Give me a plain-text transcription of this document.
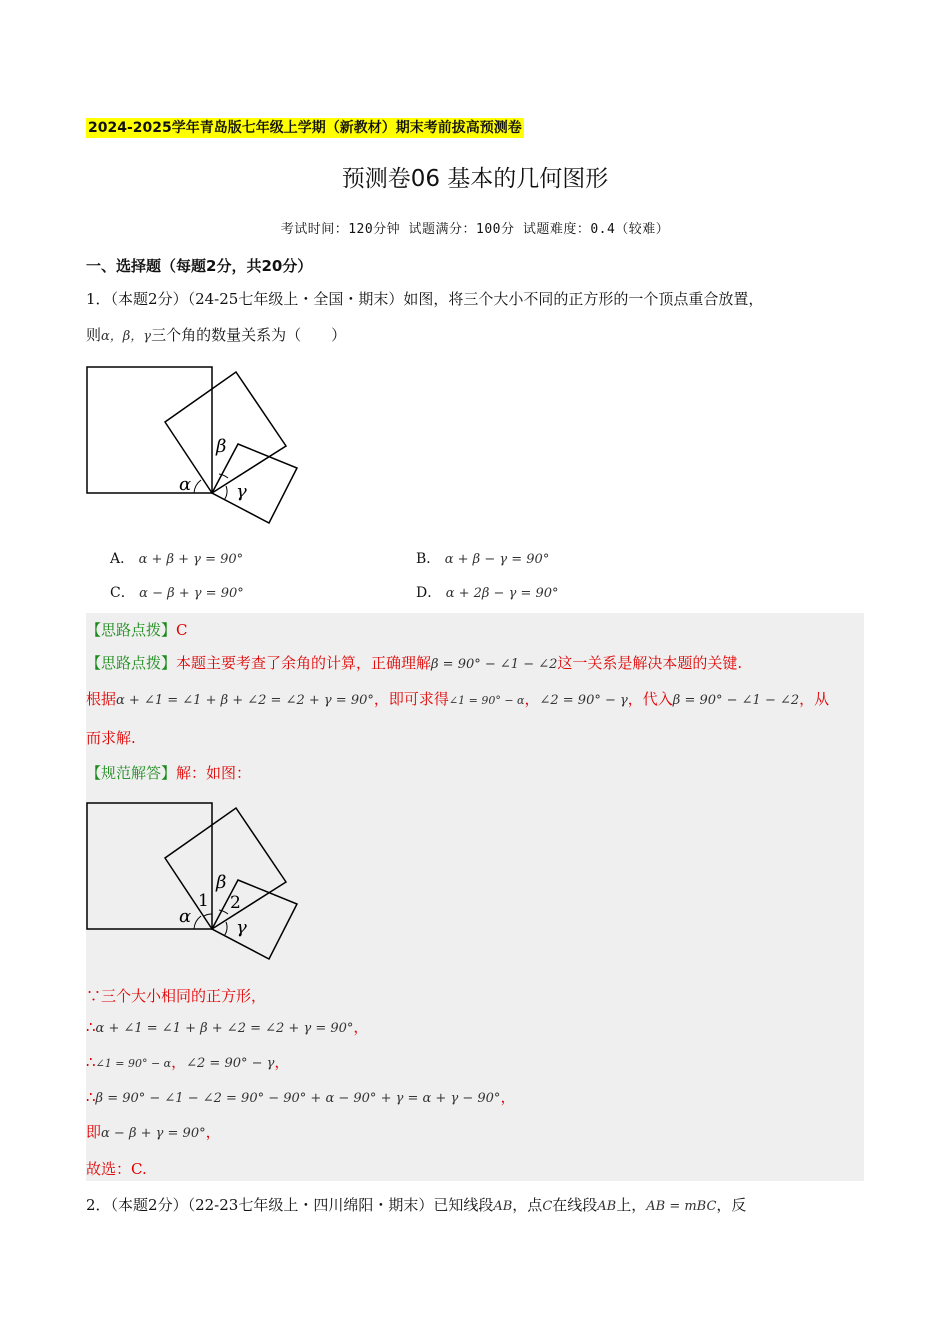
2024-2025学年青岛版七年级上学期（新教材）期末考前拔高预测卷
预测卷06 基本的几何图形
考试时间：120分钟 试题满分：100分 试题难度：0.4（较难）
一、选择题（每题2分，共20分）
1．（本题2分）（24-25七年级上・全国・期末）如图，将三个大小不同的正方形的一个顶点重合放置，
则α，β，γ三个角的数量关系为（　　）
α
β
γ
A． α + β + γ = 90°	B． α + β − γ = 90°
C． α − β + γ = 90°	D． α + 2β − γ = 90°
【思路点拨】C
【思路点拨】本题主要考查了余角的计算，正确理解β = 90° − ∠1 − ∠2这一关系是解决本题的关键.
根据α + ∠1 = ∠1 + β + ∠2 = ∠2 + γ = 90°，即可求得∠1 = 90° − α，∠2 = 90° − γ，代入β = 90° − ∠1 − ∠2，从
而求解.
【规范解答】解：如图：
α
1
β
2
γ
∵三个大小相同的正方形，
∴α + ∠1 = ∠1 + β + ∠2 = ∠2 + γ = 90°，
∴∠1 = 90° − α，∠2 = 90° − γ，
∴β = 90° − ∠1 − ∠2 = 90° − 90° + α − 90° + γ = α + γ − 90°，
即α − β + γ = 90°，
故选：C.
2．（本题2分）（22-23七年级上・四川绵阳・期末）已知线段AB，点C在线段AB上，AB = mBC，反
